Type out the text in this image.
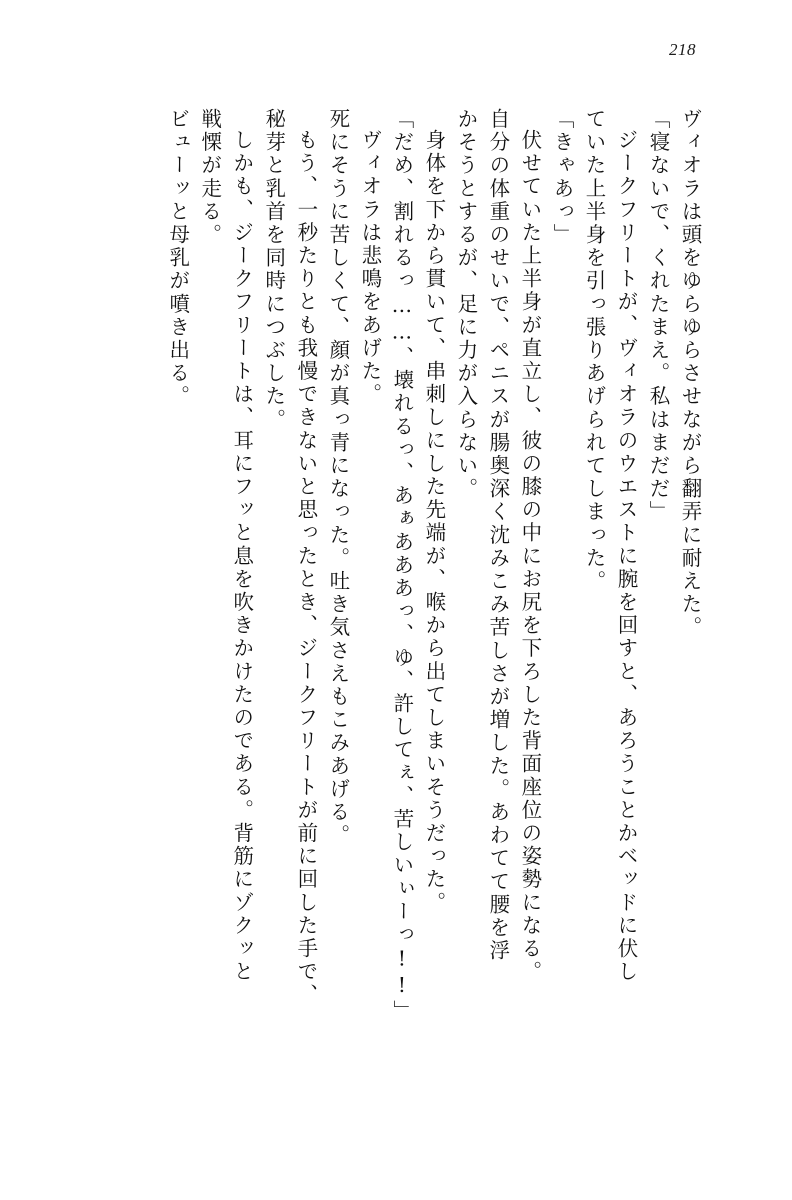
218
ヴィオラは頭をゆらゆらさせながら翻弄に耐えた。
「寝ないで、くれたまえ。私はまだだ」
ジークフリートが、ヴィオラのウエストに腕を回すと、あろうことかベッドに伏し
ていた上半身を引っ張りあげられてしまった。
「きゃあっ」
伏せていた上半身が直立し、彼の膝の中にお尻を下ろした背面座位の姿勢になる。
自分の体重のせいで、ペニスが腸奥深く沈みこみ苦しさが増した。あわてて腰を浮
かそうとするが、足に力が入らない。
身体を下から貫いて、串刺しにした先端が、喉から出てしまいそうだった。
「だめ、割れるっ……、壊れるっ、あぁあああっ、ゆ、許してぇ、苦しいぃーっ!!」
ヴィオラは悲鳴をあげた。
死にそうに苦しくて、顔が真っ青になった。吐き気さえもこみあげる。
もう、一秒たりとも我慢できないと思ったとき、ジークフリートが前に回した手で、
秘芽と乳首を同時につぶした。
しかも、ジークフリートは、耳にフッと息を吹きかけたのである。背筋にゾクッと
戦慄が走る。
ビューッと母乳が噴き出る。
